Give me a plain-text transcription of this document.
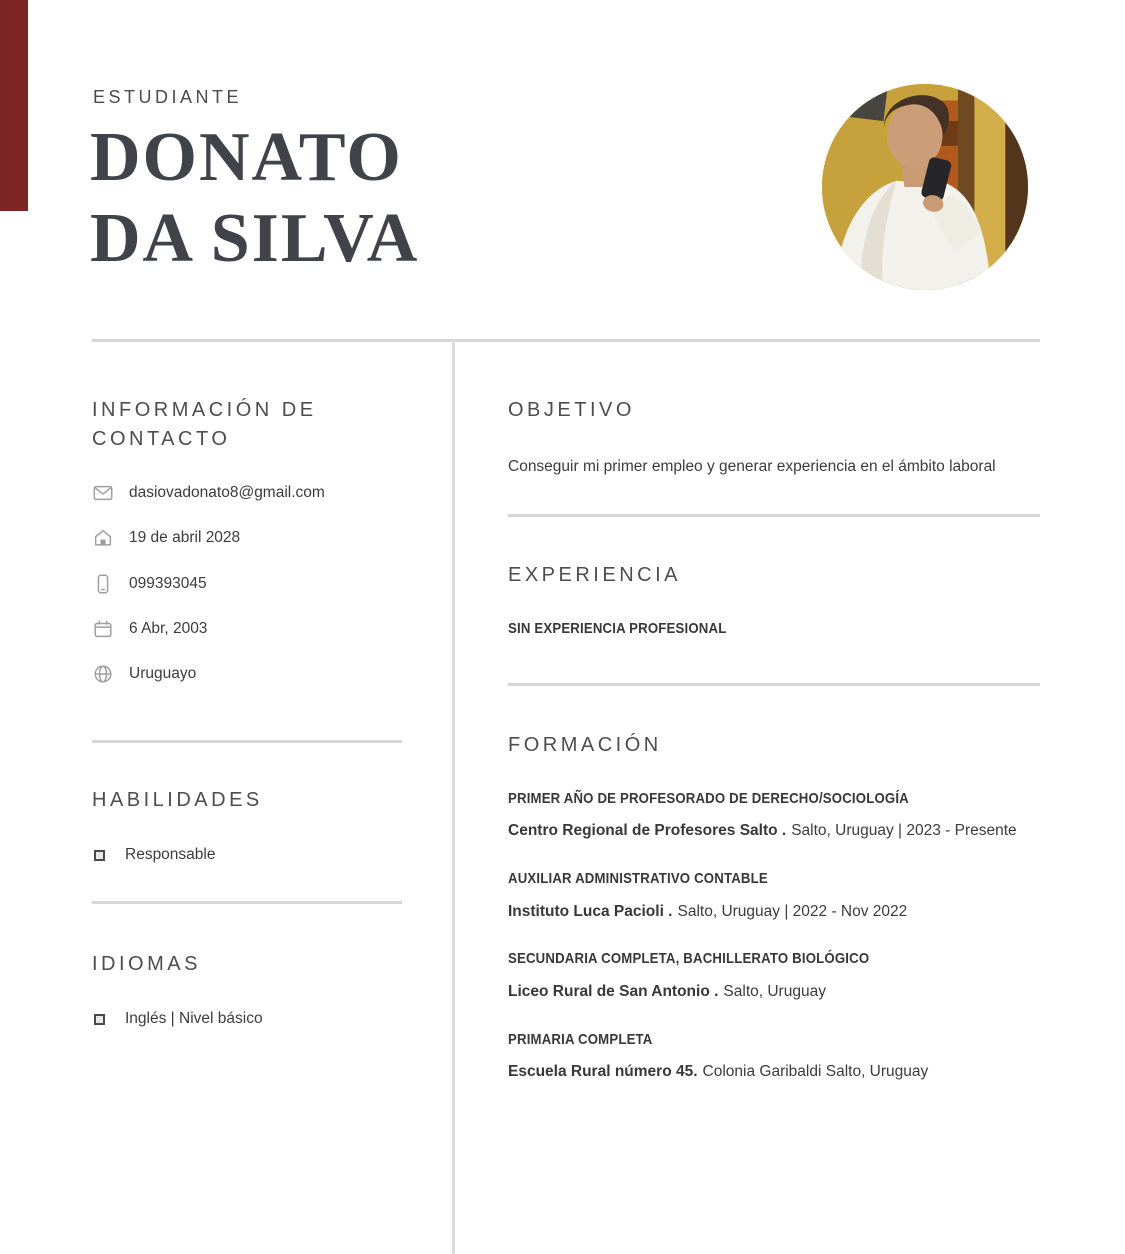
ESTUDIANTE
DONATO
DA SILVA
INFORMACIÓN DE CONTACTO
dasiovadonato8@gmail.com
19 de abril 2028
099393045
6 Abr, 2003
Uruguayo
HABILIDADES
Responsable
IDIOMAS
Inglés | Nivel básico
OBJETIVO
Conseguir mi primer empleo y generar experiencia en el ámbito laboral
EXPERIENCIA
SIN EXPERIENCIA PROFESIONAL
FORMACIÓN
PRIMER AÑO DE PROFESORADO DE DERECHO/SOCIOLOGÍA
Centro Regional de Profesores Salto . Salto, Uruguay | 2023 - Presente
AUXILIAR ADMINISTRATIVO CONTABLE
Instituto Luca Pacioli . Salto, Uruguay | 2022 - Nov 2022
SECUNDARIA COMPLETA, BACHILLERATO BIOLÓGICO
Liceo Rural de San Antonio . Salto, Uruguay
PRIMARIA COMPLETA
Escuela Rural número 45. Colonia Garibaldi Salto, Uruguay
